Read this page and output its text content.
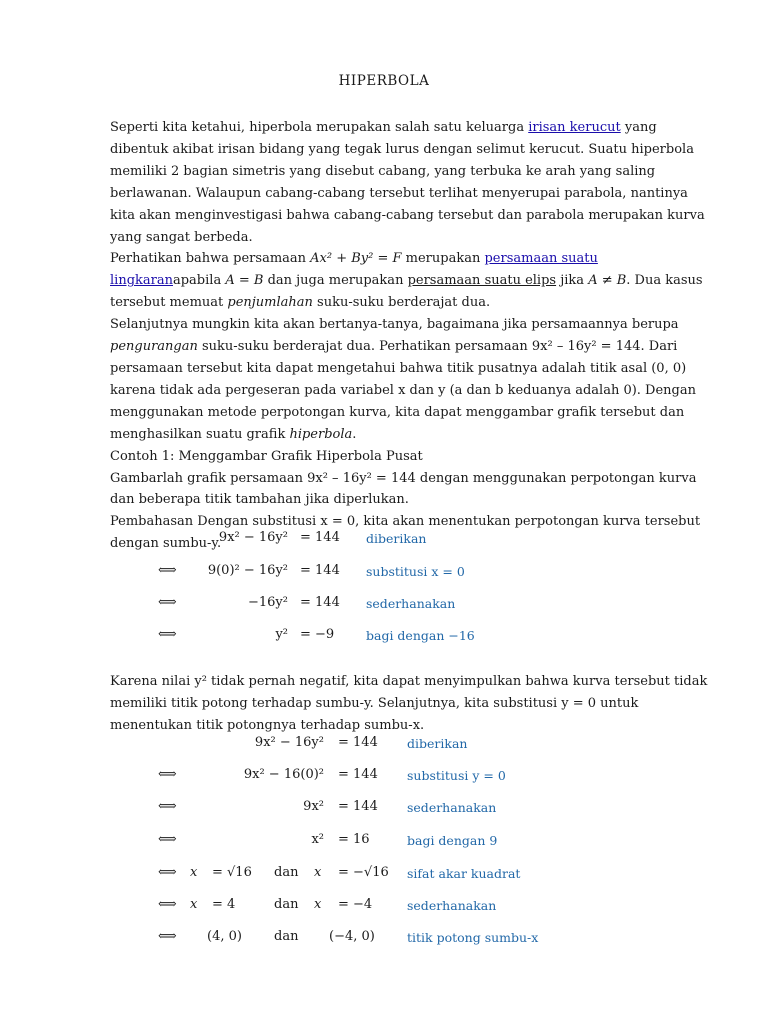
HIPERBOLA

Seperti kita ketahui, hiperbola merupakan salah satu keluarga irisan kerucut yang dibentuk akibat irisan bidang yang tegak lurus dengan selimut kerucut. Suatu hiperbola memiliki 2 bagian simetris yang disebut cabang, yang terbuka ke arah yang saling berlawanan. Walaupun cabang-cabang tersebut terlihat menyerupai parabola, nantinya kita akan menginvestigasi bahwa cabang-cabang tersebut dan parabola merupakan kurva yang sangat berbeda.

Perhatikan bahwa persamaan Ax² + By² = F merupakan persamaan suatu lingkaranapabila A = B dan juga merupakan persamaan suatu elips jika A ≠ B. Dua kasus tersebut memuat penjumlahan suku-suku berderajat dua.

Selanjutnya mungkin kita akan bertanya-tanya, bagaimana jika persamaannya berupa pengurangan suku-suku berderajat dua. Perhatikan persamaan 9x² – 16y² = 144. Dari persamaan tersebut kita dapat mengetahui bahwa titik pusatnya adalah titik asal (0, 0) karena tidak ada pergeseran pada variabel x dan y (a dan b keduanya adalah 0). Dengan menggunakan metode perpotongan kurva, kita dapat menggambar grafik tersebut dan menghasilkan suatu grafik hiperbola.

Contoh 1: Menggambar Grafik Hiperbola Pusat

Gambarlah grafik persamaan 9x² – 16y² = 144 dengan menggunakan perpotongan kurva dan beberapa titik tambahan jika diperlukan.

Pembahasan Dengan substitusi x = 0, kita akan menentukan perpotongan kurva tersebut dengan sumbu-y.

9x² − 16y² = 144 diberikan
⟺	9(0)² − 16y² = 144 substitusi x = 0
⟺	−16y² = 144 sederhanakan
⟺	y² = −9	bagi dengan −16

Karena nilai y² tidak pernah negatif, kita dapat menyimpulkan bahwa kurva tersebut tidak memiliki titik potong terhadap sumbu-y. Selanjutnya, kita substitusi y = 0 untuk menentukan titik potongnya terhadap sumbu-x.

9x² − 16y² = 144 diberikan
⟺	9x² − 16(0)² = 144 substitusi y = 0
⟺	9x² = 144 sederhanakan
⟺	x² = 16	bagi dengan 9
⟺ x = √16 dan x = −√16 sifat akar kuadrat
⟺ x = 4	dan x = −4	sederhanakan
⟺ (4, 0) dan (−4, 0)	titik potong sumbu-x
